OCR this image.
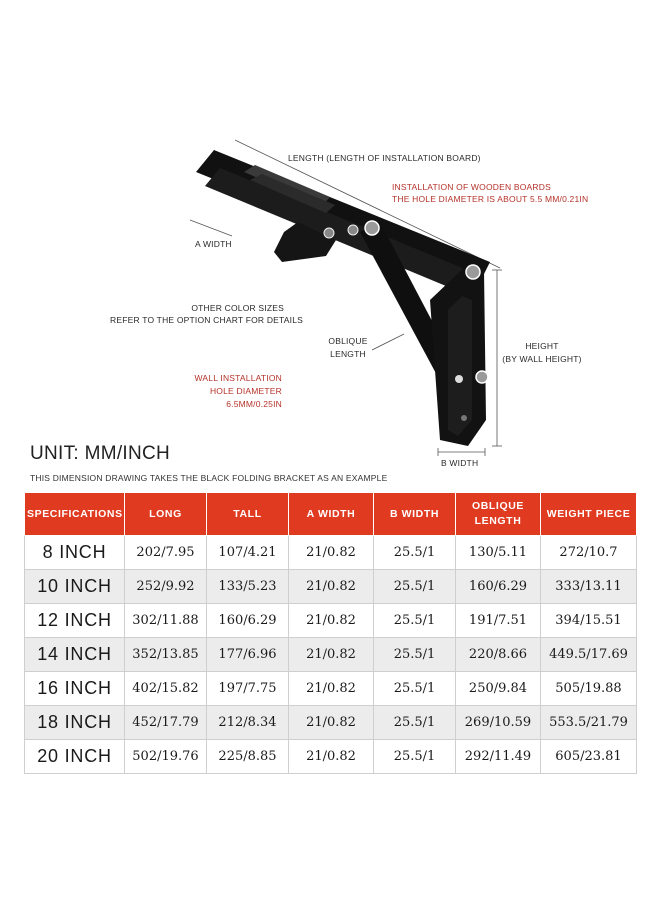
LENGTH (LENGTH OF INSTALLATION BOARD)
INSTALLATION OF WOODEN BOARDS
THE HOLE DIAMETER IS ABOUT 5.5 MM/0.21IN
A WIDTH
OTHER COLOR SIZES
REFER TO THE OPTION CHART FOR DETAILS
OBLIQUE
LENGTH
HEIGHT
(BY WALL HEIGHT)
WALL INSTALLATION
HOLE DIAMETER
6.5MM/0.25IN
B WIDTH
UNIT: MM/INCH
THIS DIMENSION DRAWING TAKES THE BLACK FOLDING BRACKET AS AN EXAMPLE
SPECIFICATIONS	LONG	TALL	A WIDTH	B WIDTH	OBLIQUE LENGTH	WEIGHT PIECE
8 INCH	202/7.95	107/4.21	21/0.82	25.5/1	130/5.11	272/10.7
10 INCH	252/9.92	133/5.23	21/0.82	25.5/1	160/6.29	333/13.11
12 INCH	302/11.88	160/6.29	21/0.82	25.5/1	191/7.51	394/15.51
14 INCH	352/13.85	177/6.96	21/0.82	25.5/1	220/8.66	449.5/17.69
16 INCH	402/15.82	197/7.75	21/0.82	25.5/1	250/9.84	505/19.88
18 INCH	452/17.79	212/8.34	21/0.82	25.5/1	269/10.59	553.5/21.79
20 INCH	502/19.76	225/8.85	21/0.82	25.5/1	292/11.49	605/23.81
